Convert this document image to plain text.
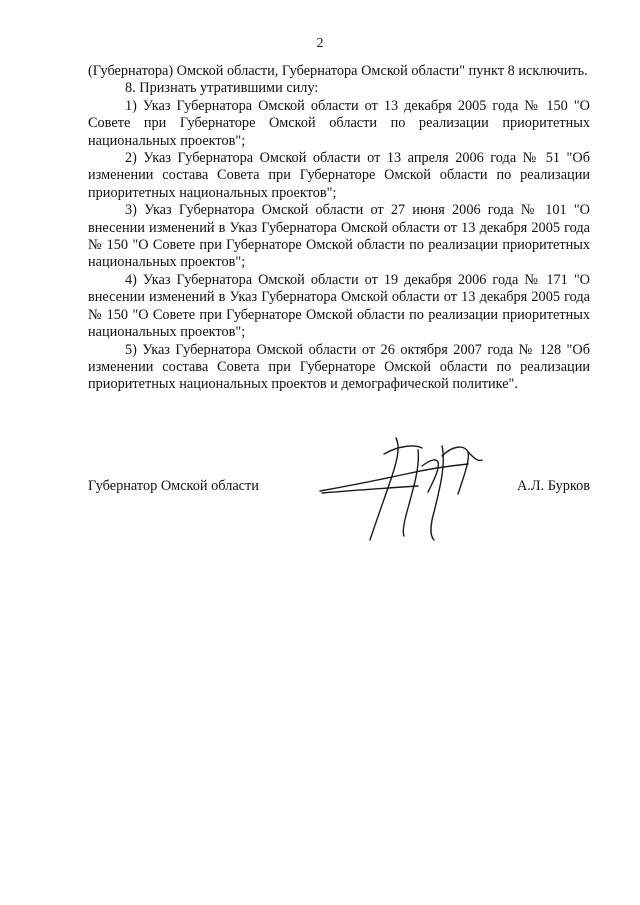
2

(Губернатора) Омской области, Губернатора Омской области" пункт 8 исключить.

8. Признать утратившими силу:

1) Указ Губернатора Омской области от 13 декабря 2005 года № 150 "О Совете при Губернаторе Омской области по реализации приоритетных национальных проектов";

2) Указ Губернатора Омской области от 13 апреля 2006 года № 51 "Об изменении состава Совета при Губернаторе Омской области по реализации приоритетных национальных проектов";

3) Указ Губернатора Омской области от 27 июня 2006 года № 101 "О внесении изменений в Указ Губернатора Омской области от 13 декабря 2005 года № 150 "О Совете при Губернаторе Омской области по реализации приоритетных национальных проектов";

4) Указ Губернатора Омской области от 19 декабря 2006 года № 171 "О внесении изменений в Указ Губернатора Омской области от 13 декабря 2005 года № 150 "О Совете при Губернаторе Омской области по реализации приоритетных национальных проектов";

5) Указ Губернатора Омской области от 26 октября 2007 года № 128 "Об изменении состава Совета при Губернаторе Омской области по реализации приоритетных национальных проектов и демографической политике".

Губернатор Омской области	А.Л. Бурков
